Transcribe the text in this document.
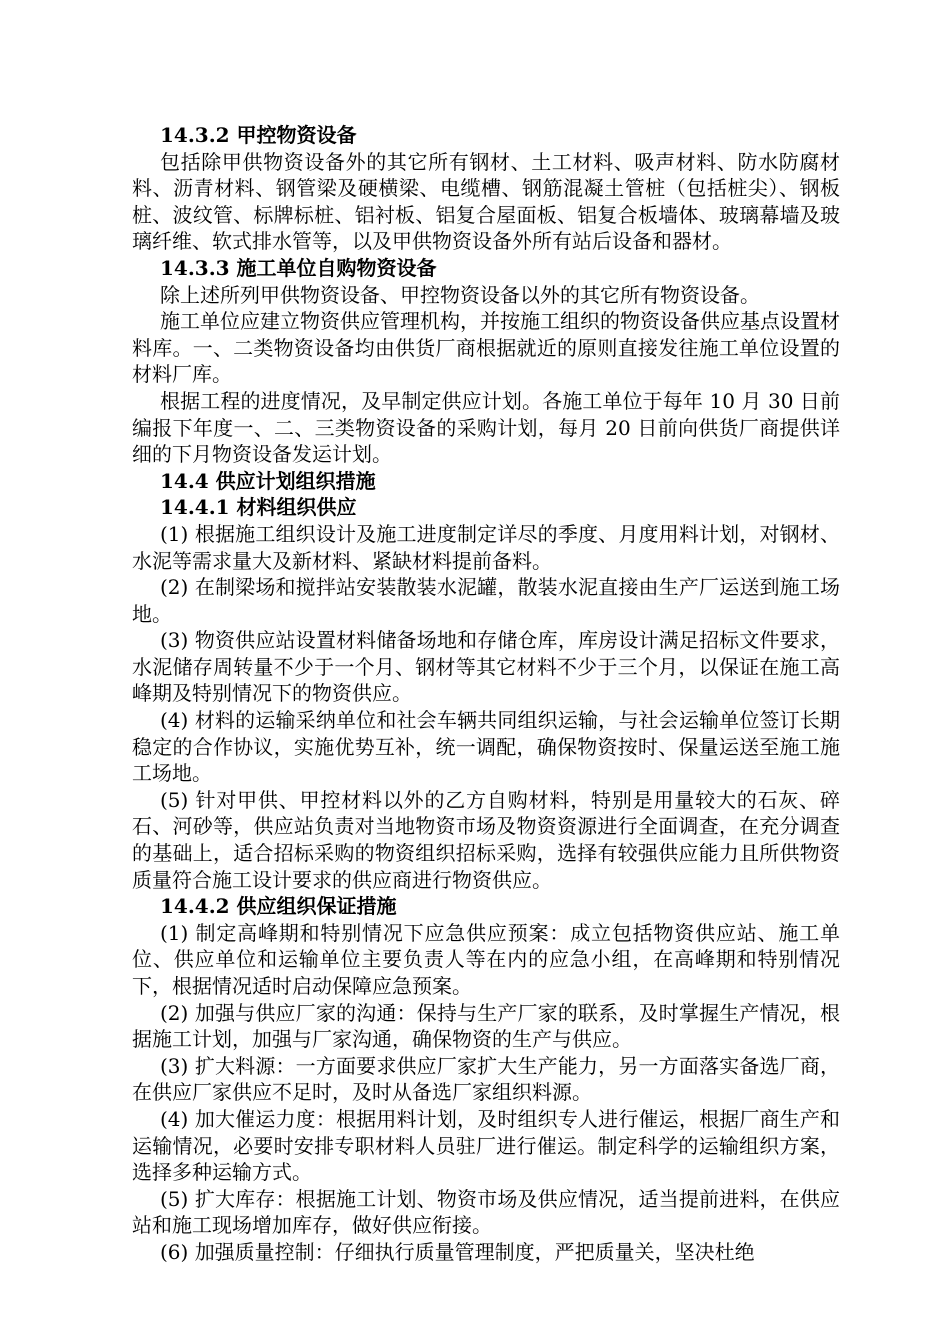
14.3.2 甲控物资设备
包括除甲供物资设备外的其它所有钢材、土工材料、吸声材料、防水防腐材料、沥青材料、钢管梁及硬横梁、电缆槽、钢筋混凝土管桩（包括桩尖）、钢板桩、波纹管、标牌标桩、铝衬板、铝复合屋面板、铝复合板墙体、玻璃幕墙及玻璃纤维、软式排水管等，以及甲供物资设备外所有站后设备和器材。
14.3.3 施工单位自购物资设备
除上述所列甲供物资设备、甲控物资设备以外的其它所有物资设备。
施工单位应建立物资供应管理机构，并按施工组织的物资设备供应基点设置材料库。一、二类物资设备均由供货厂商根据就近的原则直接发往施工单位设置的材料厂库。
根据工程的进度情况，及早制定供应计划。各施工单位于每年 10 月 30 日前编报下年度一、二、三类物资设备的采购计划，每月 20 日前向供货厂商提供详细的下月物资设备发运计划。
14.4 供应计划组织措施
14.4.1 材料组织供应
(1) 根据施工组织设计及施工进度制定详尽的季度、月度用料计划，对钢材、水泥等需求量大及新材料、紧缺材料提前备料。
(2) 在制梁场和搅拌站安装散装水泥罐，散装水泥直接由生产厂运送到施工场地。
(3) 物资供应站设置材料储备场地和存储仓库，库房设计满足招标文件要求，水泥储存周转量不少于一个月、钢材等其它材料不少于三个月，以保证在施工高峰期及特别情况下的物资供应。
(4) 材料的运输采纳单位和社会车辆共同组织运输，与社会运输单位签订长期稳定的合作协议，实施优势互补，统一调配，确保物资按时、保量运送至施工施工场地。
(5) 针对甲供、甲控材料以外的乙方自购材料，特别是用量较大的石灰、碎石、河砂等，供应站负责对当地物资市场及物资资源进行全面调查，在充分调查的基础上，适合招标采购的物资组织招标采购，选择有较强供应能力且所供物资质量符合施工设计要求的供应商进行物资供应。
14.4.2 供应组织保证措施
(1) 制定高峰期和特别情况下应急供应预案：成立包括物资供应站、施工单位、供应单位和运输单位主要负责人等在内的应急小组，在高峰期和特别情况下，根据情况适时启动保障应急预案。
(2) 加强与供应厂家的沟通：保持与生产厂家的联系，及时掌握生产情况，根据施工计划，加强与厂家沟通，确保物资的生产与供应。
(3) 扩大料源：一方面要求供应厂家扩大生产能力，另一方面落实备选厂商，在供应厂家供应不足时，及时从备选厂家组织料源。
(4) 加大催运力度：根据用料计划，及时组织专人进行催运，根据厂商生产和运输情况，必要时安排专职材料人员驻厂进行催运。制定科学的运输组织方案，选择多种运输方式。
(5) 扩大库存：根据施工计划、物资市场及供应情况，适当提前进料，在供应站和施工现场增加库存，做好供应衔接。
(6) 加强质量控制：仔细执行质量管理制度，严把质量关，坚决杜绝
